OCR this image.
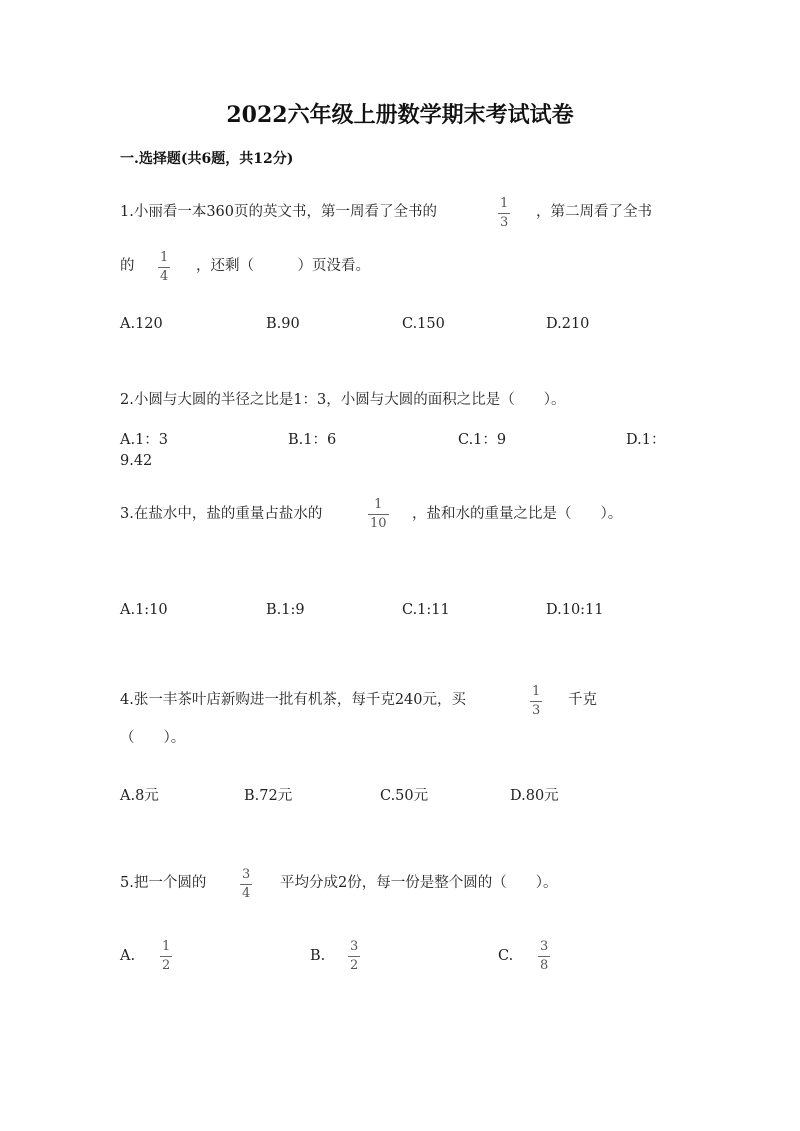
2022六年级上册数学期末考试试卷
一.选择题(共6题，共12分)
1.小丽看一本360页的英文书，第一周看了全书的
1
3
，第二周看了全书
的
1
4
，还剩（　　　）页没看。
A.120	B.90	C.150	D.210
2.小圆与大圆的半径之比是1：3，小圆与大圆的面积之比是（　　）。
A.1：3	B.1：6	C.1：9	D.1：
9.42
3.在盐水中，盐的重量占盐水的
1
10
，盐和水的重量之比是（　　）。
A.1:10	B.1:9	C.1:11	D.10:11
4.张一丰茶叶店新购进一批有机茶，每千克240元，买
1
3
千克
（　　）。
A.8元	B.72元	C.50元	D.80元
5.把一个圆的
3
4
平均分成2份，每一份是整个圆的（　　）。
A.
1
2
B.
3
2
C.
3
8
